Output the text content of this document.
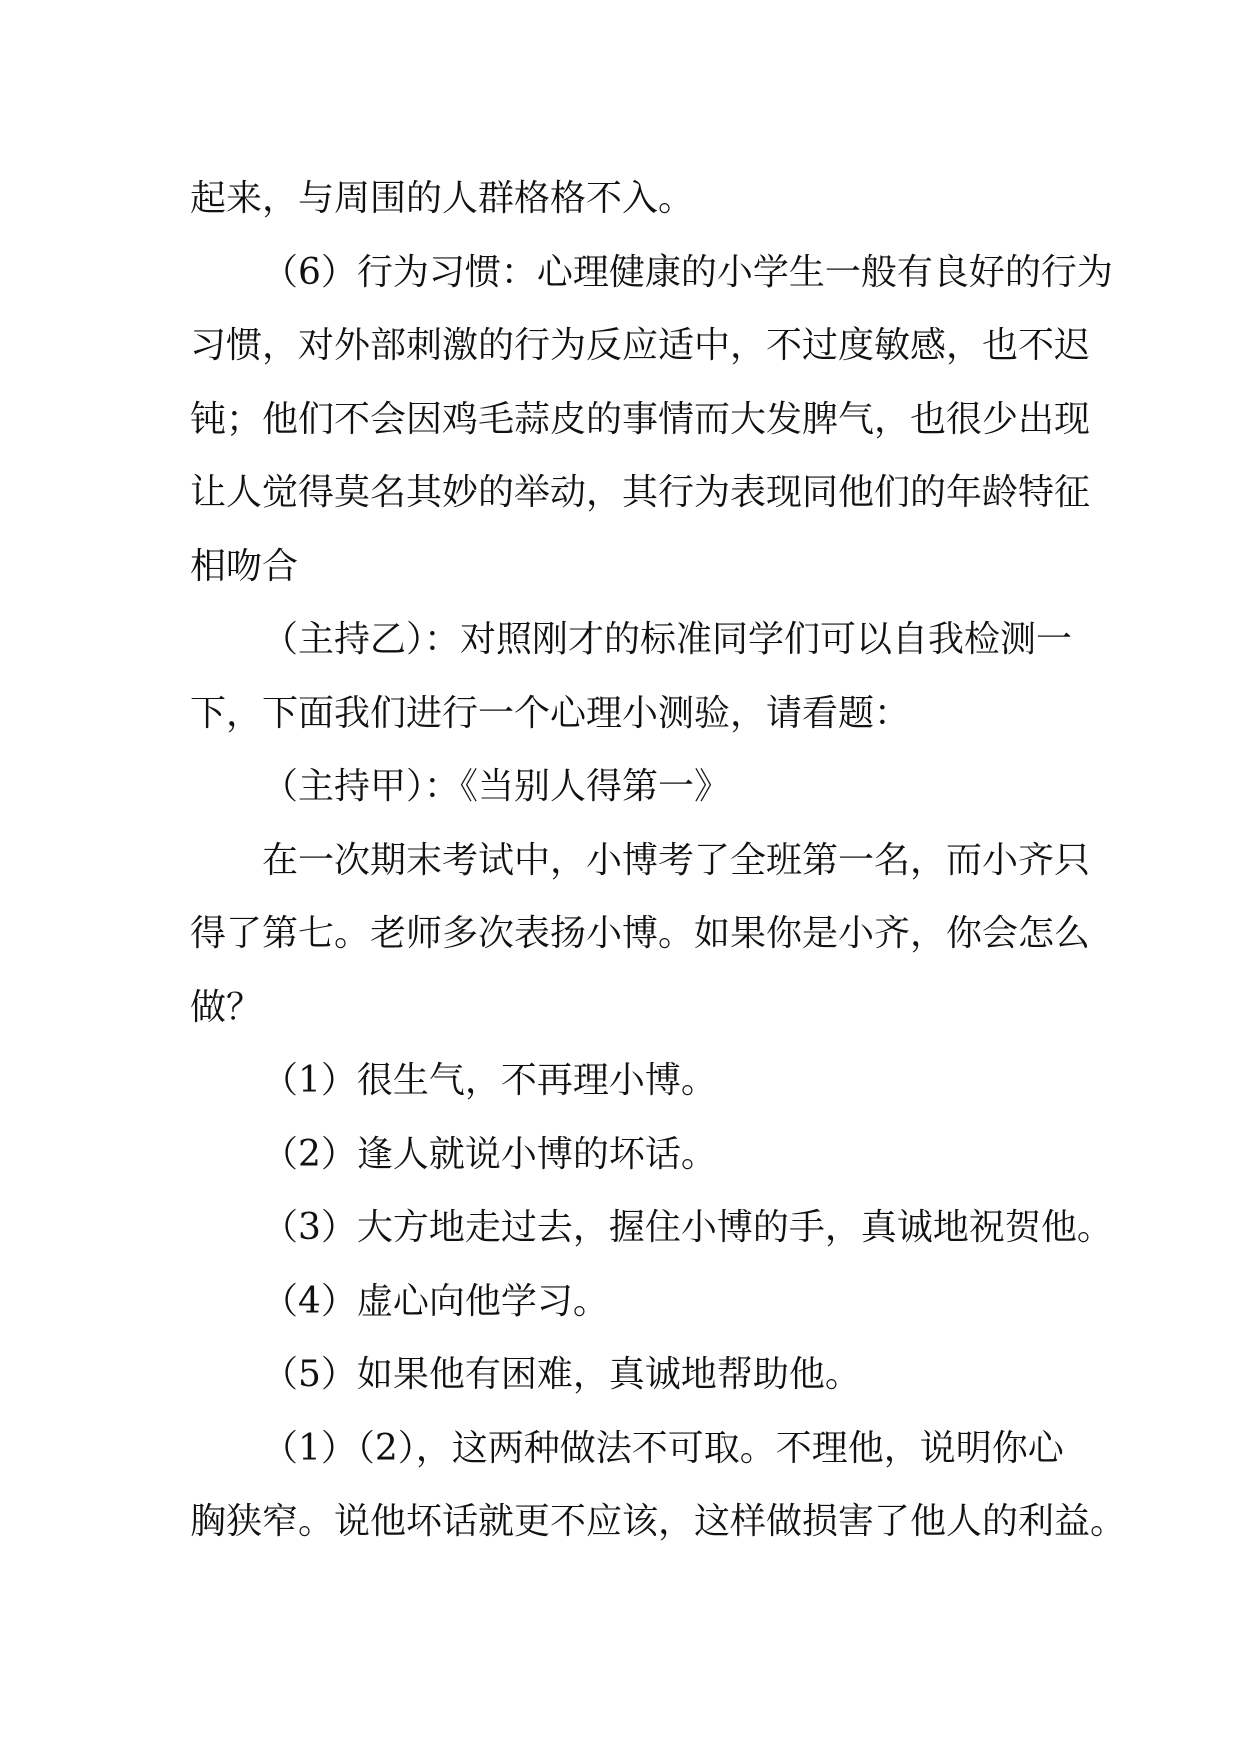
起来，与周围的人群格格不入。
（6）行为习惯：心理健康的小学生一般有良好的行为
习惯，对外部刺激的行为反应适中，不过度敏感，也不迟
钝；他们不会因鸡毛蒜皮的事情而大发脾气，也很少出现
让人觉得莫名其妙的举动，其行为表现同他们的年龄特征
相吻合
（主持乙）：对照刚才的标准同学们可以自我检测一
下，下面我们进行一个心理小测验，请看题：
（主持甲）：《当别人得第一》
在一次期末考试中，小博考了全班第一名，而小齐只
得了第七。老师多次表扬小博。如果你是小齐，你会怎么
做？
（1）很生气，不再理小博。
（2）逢人就说小博的坏话。
（3）大方地走过去，握住小博的手，真诚地祝贺他。
（4）虚心向他学习。
（5）如果他有困难，真诚地帮助他。
（1）（2），这两种做法不可取。不理他，说明你心
胸狭窄。说他坏话就更不应该，这样做损害了他人的利益。
